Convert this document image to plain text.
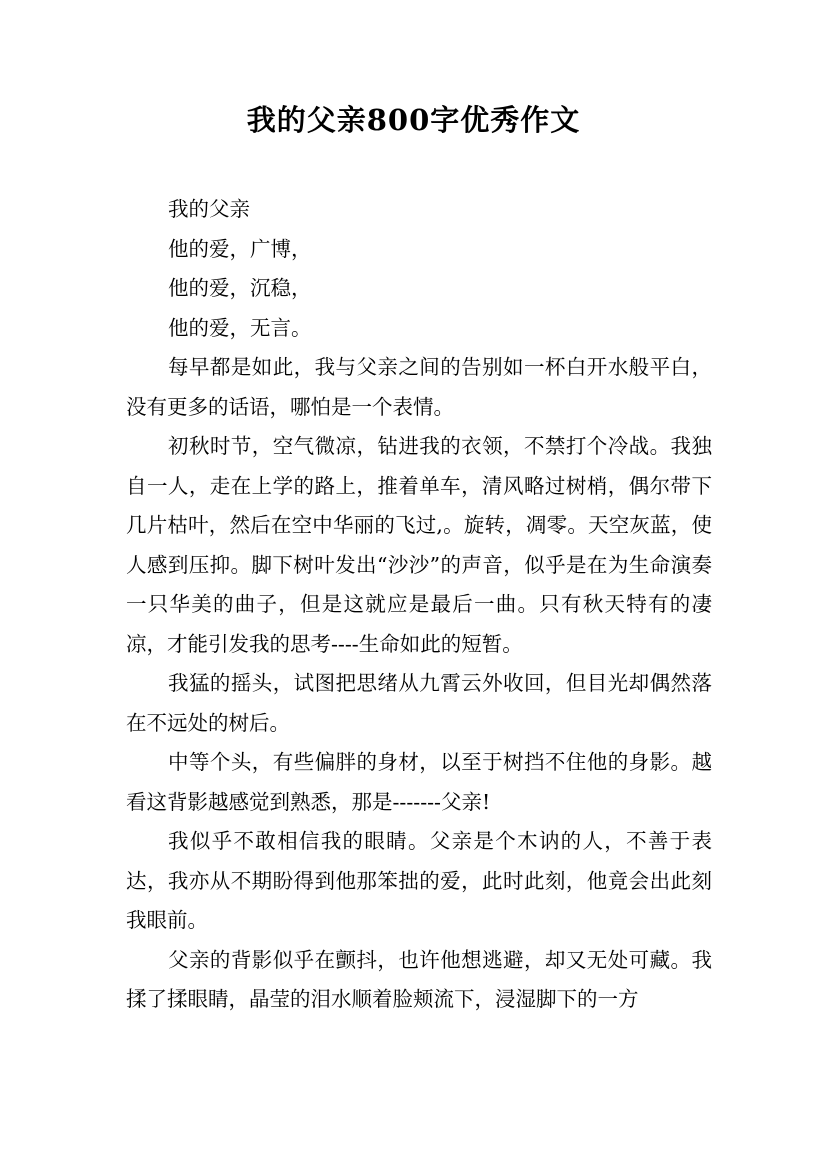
我的父亲800字优秀作文

我的父亲

他的爱，广博，

他的爱，沉稳，

他的爱，无言。

每早都是如此，我与父亲之间的告别如一杯白开水般平白，没有更多的话语，哪怕是一个表情。

初秋时节，空气微凉，钻进我的衣领，不禁打个冷战。我独自一人，走在上学的路上，推着单车，清风略过树梢，偶尔带下几片枯叶，然后在空中华丽的飞过,。旋转，凋零。天空灰蓝，使人感到压抑。脚下树叶发出“沙沙”的声音，似乎是在为生命演奏一只华美的曲子，但是这就应是最后一曲。只有秋天特有的凄凉，才能引发我的思考----生命如此的短暂。

我猛的摇头，试图把思绪从九霄云外收回，但目光却偶然落在不远处的树后。

中等个头，有些偏胖的身材，以至于树挡不住他的身影。越看这背影越感觉到熟悉，那是-------父亲!

我似乎不敢相信我的眼睛。父亲是个木讷的人，不善于表达，我亦从不期盼得到他那笨拙的爱，此时此刻，他竟会出此刻我眼前。

父亲的背影似乎在颤抖，也许他想逃避，却又无处可藏。我揉了揉眼睛，晶莹的泪水顺着脸颊流下，浸湿脚下的一方
